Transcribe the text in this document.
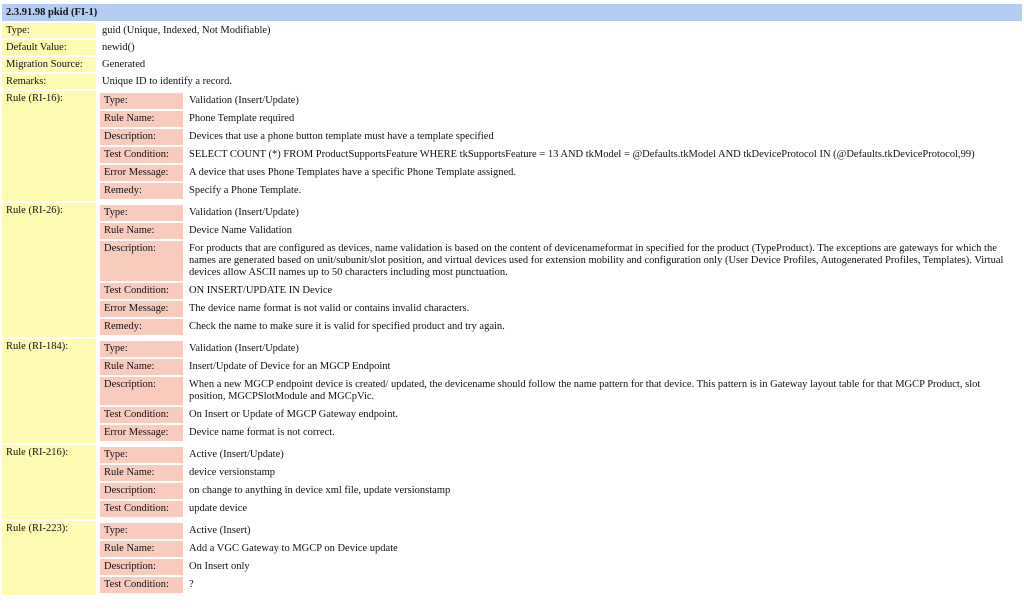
2.3.91.98 pkid (FI-1)
Type:	guid (Unique, Indexed, Not Modifiable)
Default Value:	newid()
Migration Source:	Generated
Remarks:	Unique ID to identify a record.
Rule (RI-16):		Type:	Validation (Insert/Update)
Rule Name:	Phone Template required
Description:	Devices that use a phone button template must have a template specified
Test Condition:	SELECT COUNT (*) FROM ProductSupportsFeature WHERE tkSupportsFeature = 13 AND tkModel = @Defaults.tkModel AND tkDeviceProtocol IN (@Defaults.tkDeviceProtocol,99)
Error Message:	A device that uses Phone Templates have a specific Phone Template assigned.
Remedy:	Specify a Phone Template.

Rule (RI-26):		Type:	Validation (Insert/Update)
Rule Name:	Device Name Validation
Description:	For products that are configured as devices, name validation is based on the content of devicenameformat in specified for the product (TypeProduct). The exceptions are gateways for which the names are generated based on unit/subunit/slot position, and virtual devices used for extension mobility and configuration only (User Device Profiles, Autogenerated Profiles, Templates). Virtual devices allow ASCII names up to 50 characters including most punctuation.
Test Condition:	ON INSERT/UPDATE IN Device
Error Message:	The device name format is not valid or contains invalid characters.
Remedy:	Check the name to make sure it is valid for specified product and try again.

Rule (RI-184):		Type:	Validation (Insert/Update)
Rule Name:	Insert/Update of Device for an MGCP Endpoint
Description:	When a new MGCP endpoint device is created/ updated, the devicename should follow the name pattern for that device. This pattern is in Gateway layout table for that MGCP Product, slot position, MGCPSlotModule and MGCpVic.
Test Condition:	On Insert or Update of MGCP Gateway endpoint.
Error Message:	Device name format is not correct.

Rule (RI-216):		Type:	Active (Insert/Update)
Rule Name:	device versionstamp
Description:	on change to anything in device xml file, update versionstamp
Test Condition:	update device

Rule (RI-223):		Type:	Active (Insert)
Rule Name:	Add a VGC Gateway to MGCP on Device update
Description:	On Insert only
Test Condition:	?
